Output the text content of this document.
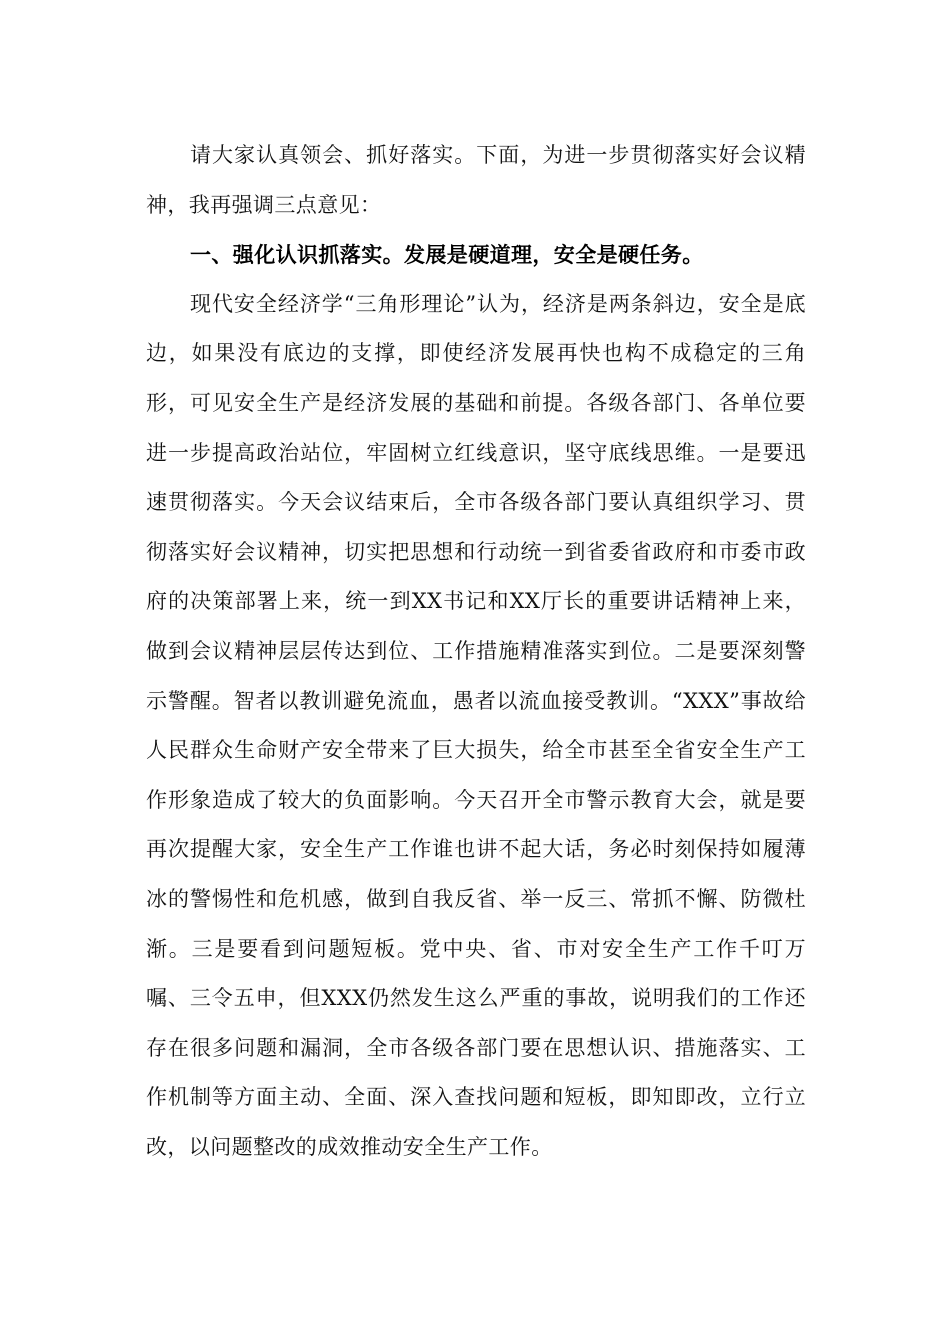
请大家认真领会、抓好落实。下面，为进一步贯彻落实好会议精神，我再强调三点意见：

一、强化认识抓落实。发展是硬道理，安全是硬任务。

现代安全经济学“三角形理论”认为，经济是两条斜边，安全是底边，如果没有底边的支撑，即使经济发展再快也构不成稳定的三角形，可见安全生产是经济发展的基础和前提。各级各部门、各单位要进一步提高政治站位，牢固树立红线意识，坚守底线思维。一是要迅速贯彻落实。今天会议结束后，全市各级各部门要认真组织学习、贯彻落实好会议精神，切实把思想和行动统一到省委省政府和市委市政府的决策部署上来，统一到XX书记和XX厅长的重要讲话精神上来，做到会议精神层层传达到位、工作措施精准落实到位。二是要深刻警示警醒。智者以教训避免流血，愚者以流血接受教训。“XXX”事故给人民群众生命财产安全带来了巨大损失，给全市甚至全省安全生产工作形象造成了较大的负面影响。今天召开全市警示教育大会，就是要再次提醒大家，安全生产工作谁也讲不起大话，务必时刻保持如履薄冰的警惕性和危机感，做到自我反省、举一反三、常抓不懈、防微杜渐。三是要看到问题短板。党中央、省、市对安全生产工作千叮万嘱、三令五申，但XXX仍然发生这么严重的事故，说明我们的工作还存在很多问题和漏洞，全市各级各部门要在思想认识、措施落实、工作机制等方面主动、全面、深入查找问题和短板，即知即改，立行立改，以问题整改的成效推动安全生产工作。
